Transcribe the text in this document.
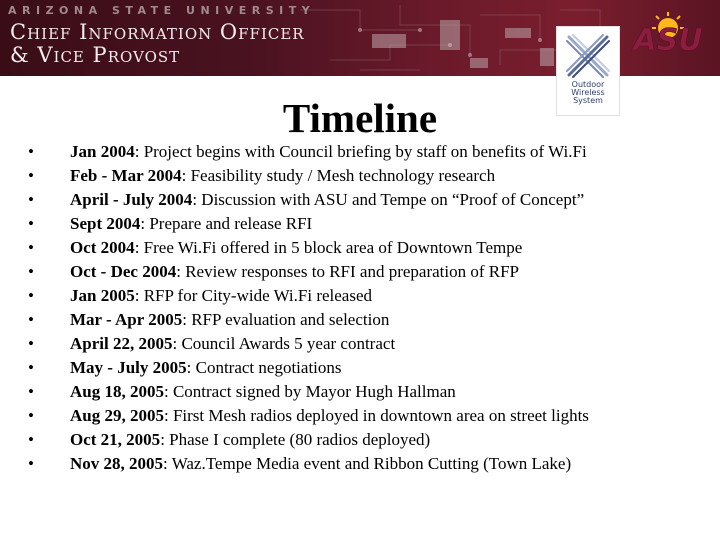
ARIZONA STATE UNIVERSITY
Chief Information Officer
& Vice Provost	ASU
Outdoor
Wireless
System
Timeline
•	Jan 2004 : Project begins with Council briefing by staff on benefits of Wi.Fi
•	Feb - Mar 2004 : Feasibility study / Mesh technology research
•	April - July 2004 : Discussion with ASU and Tempe on “Proof of Concept”
•	Sept 2004 : Prepare and release RFI
•	Oct 2004 : Free Wi.Fi offered in 5 block area of Downtown Tempe
•	Oct - Dec 2004 : Review responses to RFI and preparation of RFP
•	Jan 2005 : RFP for City-wide Wi.Fi released
•	Mar - Apr 2005 : RFP evaluation and selection
•	April 22, 2005 : Council Awards 5 year contract
•	May - July 2005 : Contract negotiations
•	Aug 18, 2005 : Contract signed by Mayor Hugh Hallman
•	Aug 29, 2005 : First Mesh radios deployed in downtown area on street lights
•	Oct 21, 2005 : Phase I complete (80 radios deployed)
•	Nov 28, 2005 : Waz.Tempe Media event and Ribbon Cutting (Town Lake)
